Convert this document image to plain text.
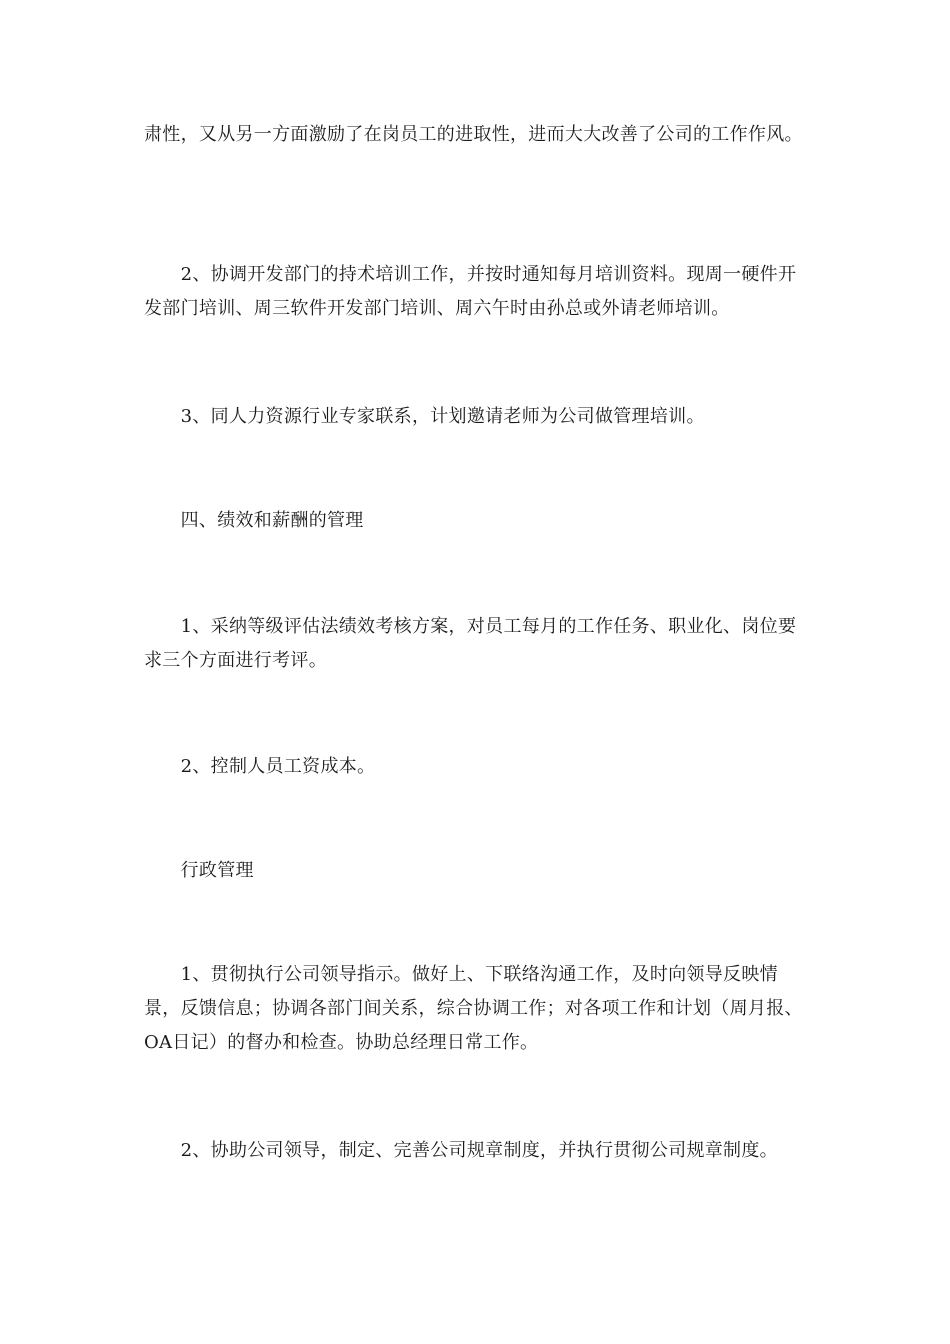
肃性，又从另一方面激励了在岗员工的进取性，进而大大改善了公司的工作作风。

　　2、协调开发部门的持术培训工作，并按时通知每月培训资料。现周一硬件开发部门培训、周三软件开发部门培训、周六午时由孙总或外请老师培训。

　　3、同人力资源行业专家联系，计划邀请老师为公司做管理培训。

　　四、绩效和薪酬的管理

　　1、采纳等级评估法绩效考核方案，对员工每月的工作任务、职业化、岗位要求三个方面进行考评。

　　2、控制人员工资成本。

　　行政管理

　　1、贯彻执行公司领导指示。做好上、下联络沟通工作，及时向领导反映情景，反馈信息；协调各部门间关系，综合协调工作；对各项工作和计划（周月报、OA日记）的督办和检查。协助总经理日常工作。

　　2、协助公司领导，制定、完善公司规章制度，并执行贯彻公司规章制度。
